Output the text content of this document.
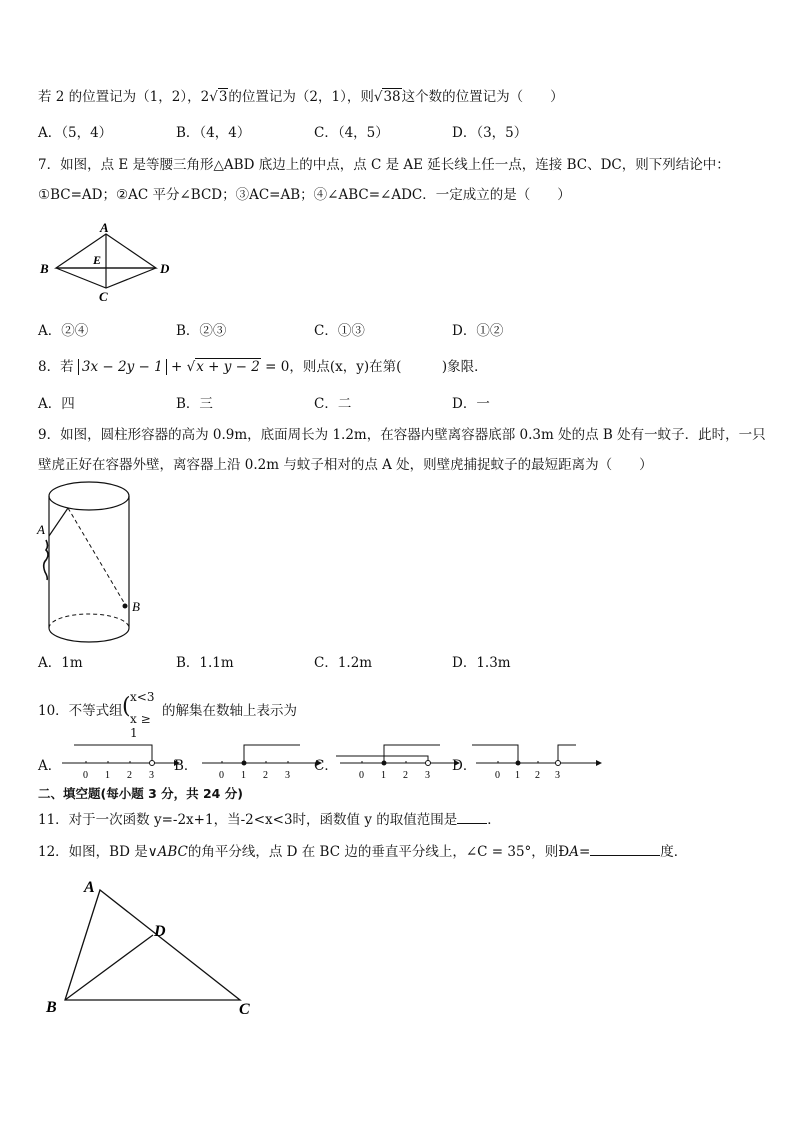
若 2 的位置记为（1，2），2√3的位置记为（2，1），则√38这个数的位置记为（　　）
A．（5，4）	B．（4，4）	C．（4，5）	D．（3，5）
7．如图，点 E 是等腰三角形△ABD 底边上的中点，点 C 是 AE 延长线上任一点，连接 BC、DC，则下列结论中：
①BC=AD；②AC 平分∠BCD；③AC=AB；④∠ABC=∠ADC．一定成立的是（　　）
A
B	D
C
E
A．②④	B．②③	C．①③	D．①②
8．若 3x − 2y − 1 + √x + y − 2 = 0，则点(x，y)在第(　　　)象限．
A．四	B．三	C．二	D．一
9．如图，圆柱形容器的高为 0.9m，底面周长为 1.2m，在容器内壁离容器底部 0.3m 处的点 B 处有一蚊子．此时，一只
壁虎正好在容器外壁，离容器上沿 0.2m 与蚊子相对的点 A 处，则壁虎捕捉蚊子的最短距离为（　　）
A
B
A．1m	B．1.1m	C．1.2m	D．1.3m
10．不等式组 ( x<3
x ≥ 1
的解集在数轴上表示为
A．
0 1 2 3
B．
0 1 2 3
C．
0 1 2 3
D．
0 1 2 3
二、填空题(每小题 3 分，共 24 分)
11．对于一次函数 y=-2x+1，当-2<x<3时，函数值 y 的取值范围是 ．
12．如图，BD 是∨ABC的角平分线，点 D 在 BC 边的垂直平分线上，∠C = 35°，则ÐA=	度．
A
B	C
D
